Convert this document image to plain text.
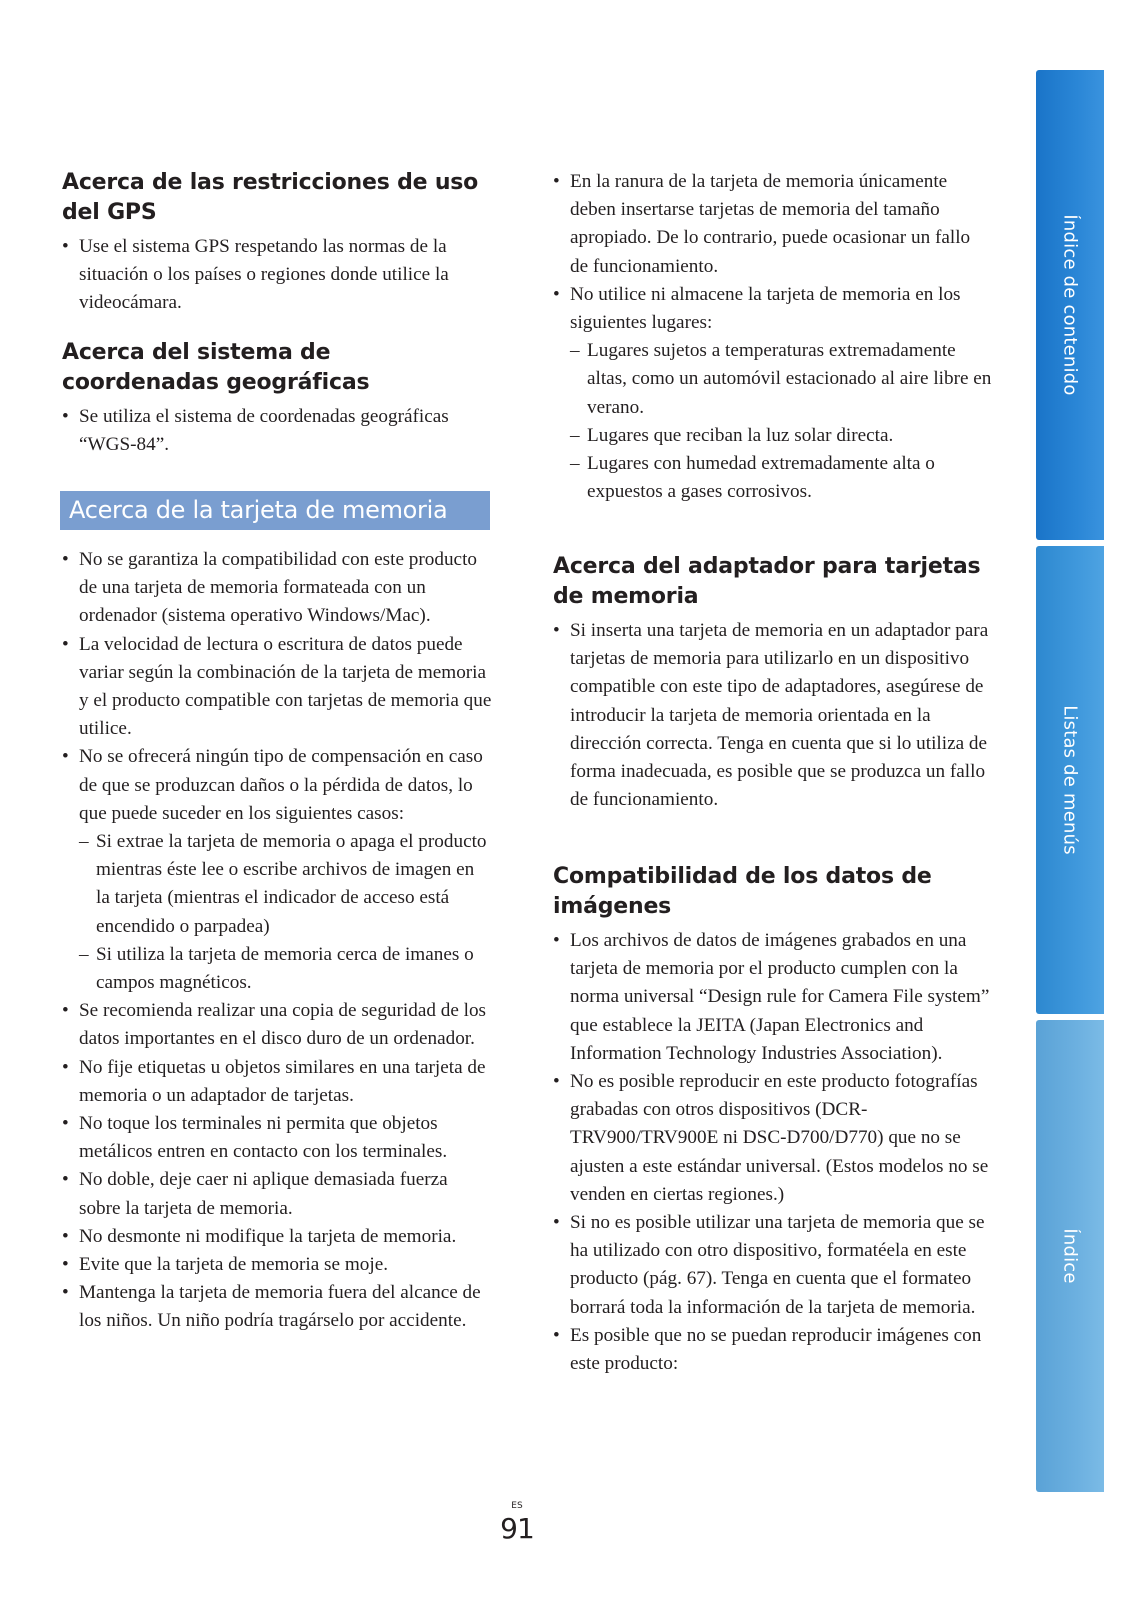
Acerca de las restricciones de uso del GPS
• Use el sistema GPS respetando las normas de la situación o los países o regiones donde utilice la videocámara.
Acerca del sistema de coordenadas geográficas
• Se utiliza el sistema de coordenadas geográficas “WGS-84”.
Acerca de la tarjeta de memoria
• No se garantiza la compatibilidad con este producto de una tarjeta de memoria formateada con un ordenador (sistema operativo Windows/Mac).
• La velocidad de lectura o escritura de datos puede variar según la combinación de la tarjeta de memoria y el producto compatible con tarjetas de memoria que utilice.
• No se ofrecerá ningún tipo de compensación en caso de que se produzcan daños o la pérdida de datos, lo que puede suceder en los siguientes casos:
– Si extrae la tarjeta de memoria o apaga el producto mientras éste lee o escribe archivos de imagen en la tarjeta (mientras el indicador de acceso está encendido o parpadea)
– Si utiliza la tarjeta de memoria cerca de imanes o campos magnéticos.
• Se recomienda realizar una copia de seguridad de los datos importantes en el disco duro de un ordenador.
• No fije etiquetas u objetos similares en una tarjeta de memoria o un adaptador de tarjetas.
• No toque los terminales ni permita que objetos metálicos entren en contacto con los terminales.
• No doble, deje caer ni aplique demasiada fuerza sobre la tarjeta de memoria.
• No desmonte ni modifique la tarjeta de memoria.
• Evite que la tarjeta de memoria se moje.
• Mantenga la tarjeta de memoria fuera del alcance de los niños. Un niño podría tragárselo por accidente.
• En la ranura de la tarjeta de memoria únicamente deben insertarse tarjetas de memoria del tamaño apropiado. De lo contrario, puede ocasionar un fallo de funcionamiento.
• No utilice ni almacene la tarjeta de memoria en los siguientes lugares:
– Lugares sujetos a temperaturas extremadamente altas, como un automóvil estacionado al aire libre en verano.
– Lugares que reciban la luz solar directa.
– Lugares con humedad extremadamente alta o expuestos a gases corrosivos.
Acerca del adaptador para tarjetas de memoria
• Si inserta una tarjeta de memoria en un adaptador para tarjetas de memoria para utilizarlo en un dispositivo compatible con este tipo de adaptadores, asegúrese de introducir la tarjeta de memoria orientada en la dirección correcta. Tenga en cuenta que si lo utiliza de forma inadecuada, es posible que se produzca un fallo de funcionamiento.
Compatibilidad de los datos de imágenes
• Los archivos de datos de imágenes grabados en una tarjeta de memoria por el producto cumplen con la norma universal “Design rule for Camera File system” que establece la JEITA (Japan Electronics and Information Technology Industries Association).
• No es posible reproducir en este producto fotografías grabadas con otros dispositivos (DCR-TRV900/TRV900E ni DSC-D700/D770) que no se ajusten a este estándar universal. (Estos modelos no se venden en ciertas regiones.)
• Si no es posible utilizar una tarjeta de memoria que se ha utilizado con otro dispositivo, formatéela en este producto (pág. 67). Tenga en cuenta que el formateo borrará toda la información de la tarjeta de memoria.
• Es posible que no se puedan reproducir imágenes con este producto:
Índice de contenido
Listas de menús
Índice
ES
91
